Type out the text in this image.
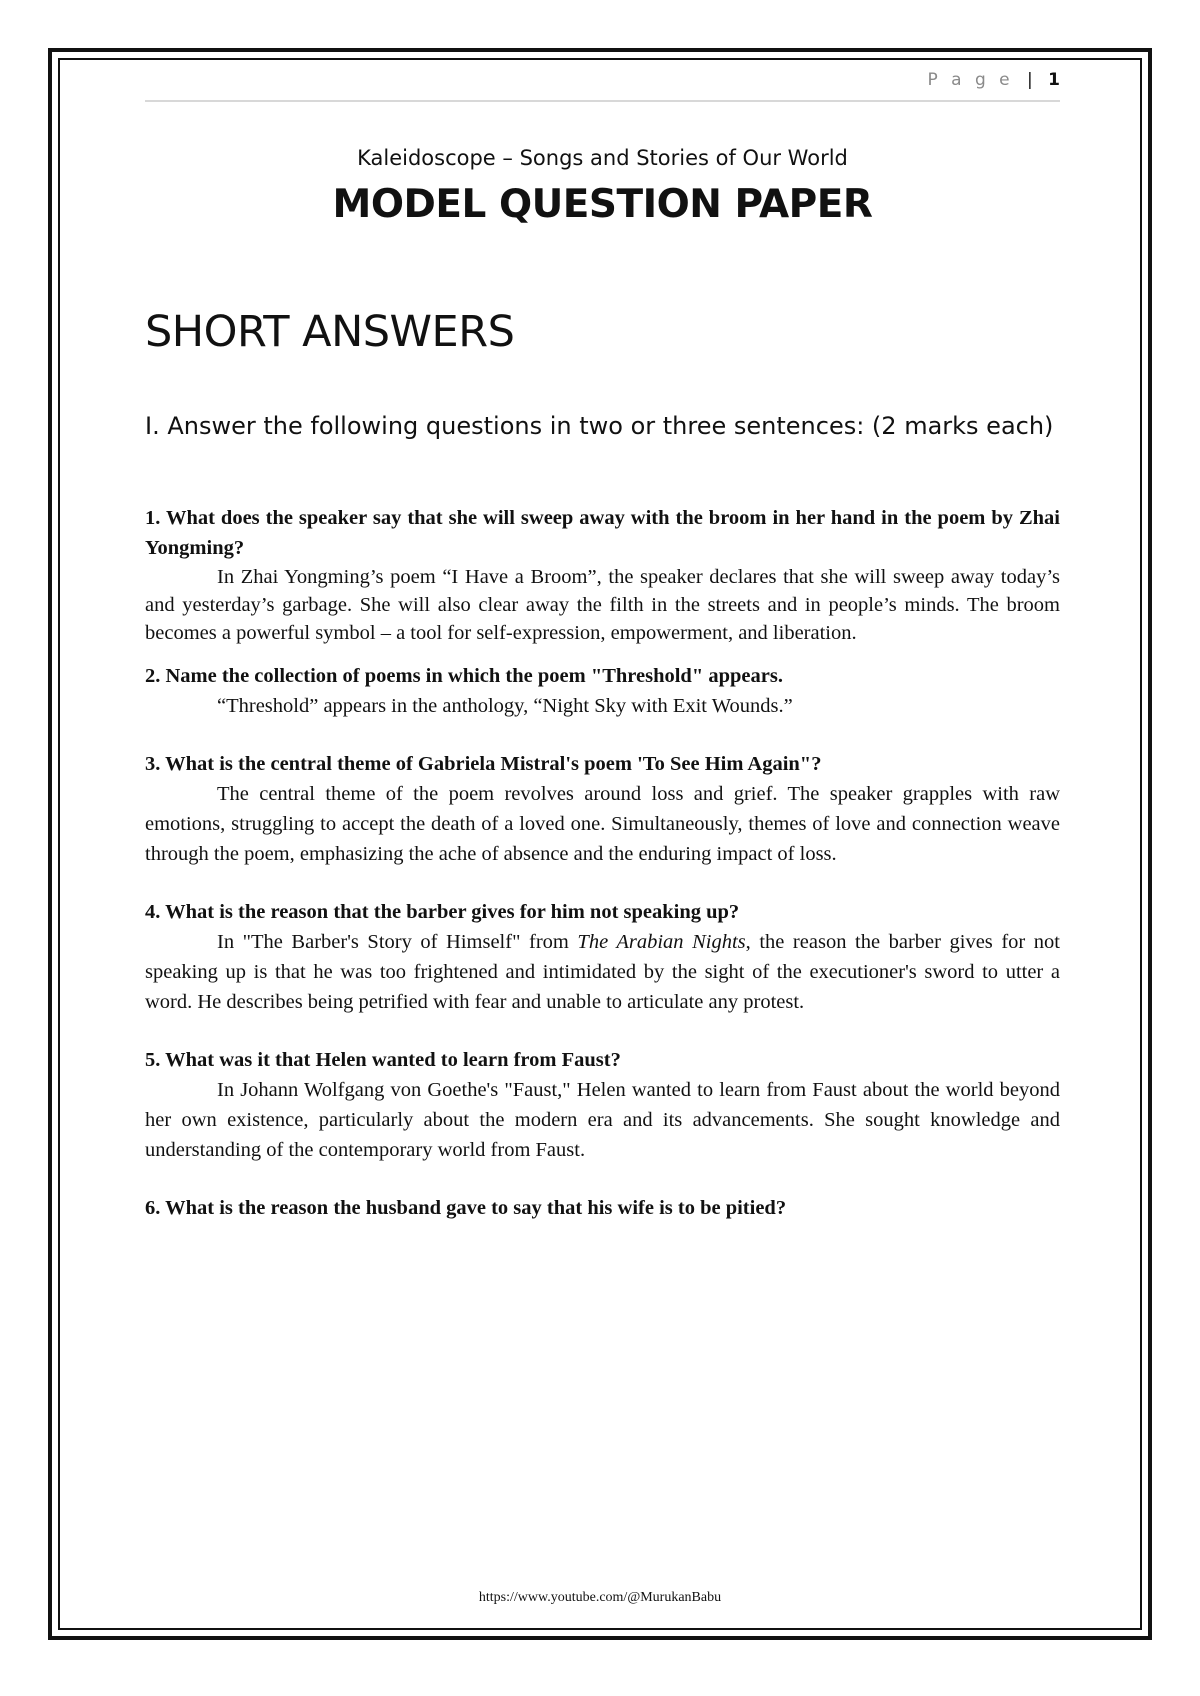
P a g e | 1
Kaleidoscope – Songs and Stories of Our World
MODEL QUESTION PAPER
SHORT ANSWERS
I. Answer the following questions in two or three sentences: (2 marks each)
1. What does the speaker say that she will sweep away with the broom in her hand in the poem by Zhai Yongming?
In Zhai Yongming’s poem “I Have a Broom”, the speaker declares that she will sweep away today’s and yesterday’s garbage. She will also clear away the filth in the streets and in people’s minds. The broom becomes a powerful symbol – a tool for self-expression, empowerment, and liberation.
2. Name the collection of poems in which the poem "Threshold" appears.
“Threshold” appears in the anthology, “Night Sky with Exit Wounds.”
3. What is the central theme of Gabriela Mistral's poem 'To See Him Again"?
The central theme of the poem revolves around loss and grief. The speaker grapples with raw emotions, struggling to accept the death of a loved one. Simultaneously, themes of love and connection weave through the poem, emphasizing the ache of absence and the enduring impact of loss.
4. What is the reason that the barber gives for him not speaking up?
In "The Barber's Story of Himself" from The Arabian Nights, the reason the barber gives for not speaking up is that he was too frightened and intimidated by the sight of the executioner's sword to utter a word. He describes being petrified with fear and unable to articulate any protest.
5. What was it that Helen wanted to learn from Faust?
In Johann Wolfgang von Goethe's "Faust," Helen wanted to learn from Faust about the world beyond her own existence, particularly about the modern era and its advancements. She sought knowledge and understanding of the contemporary world from Faust.
6. What is the reason the husband gave to say that his wife is to be pitied?
https://www.youtube.com/@MurukanBabu
